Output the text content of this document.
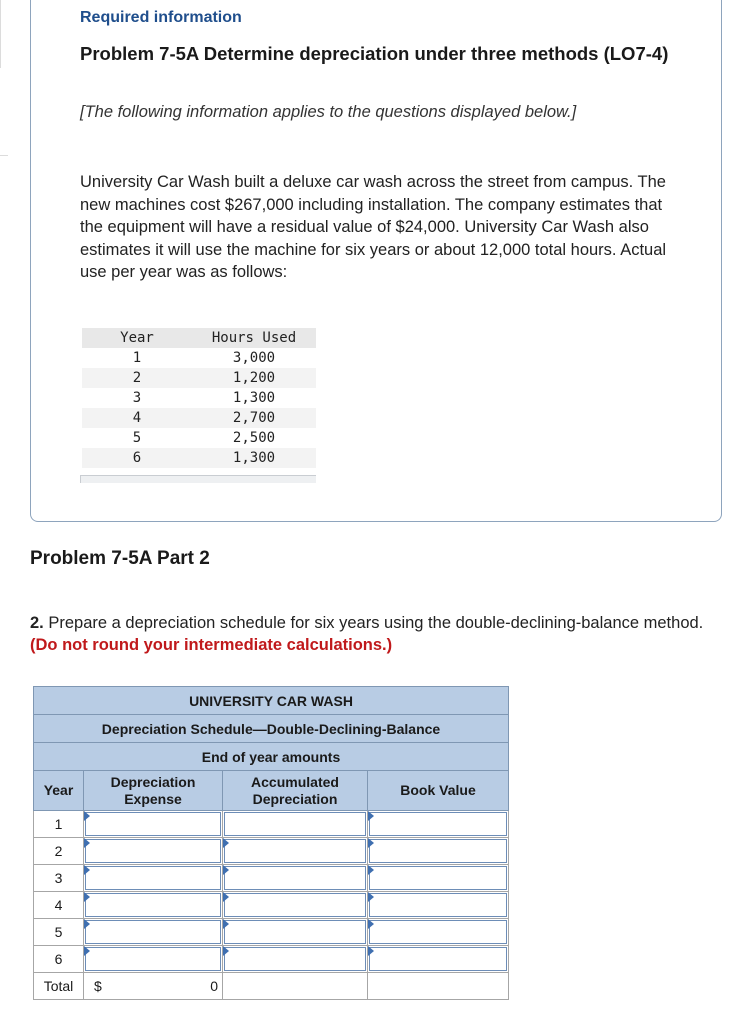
Required information
Problem 7-5A Determine depreciation under three methods (LO7-4)
[The following information applies to the questions displayed below.]
University Car Wash built a deluxe car wash across the street from campus. The new machines cost $267,000 including installation. The company estimates that the equipment will have a residual value of $24,000. University Car Wash also estimates it will use the machine for six years or about 12,000 total hours. Actual use per year was as follows:
Year	Hours Used
1	3,000
2	1,200
3	1,300
4	2,700
5	2,500
6	1,300
Problem 7-5A Part 2
2. Prepare a depreciation schedule for six years using the double-declining-balance method. (Do not round your intermediate calculations.)
UNIVERSITY CAR WASH			
Depreciation Schedule—Double-Declining-Balance			
End of year amounts			
Year	Depreciation Expense	Accumulated Depreciation	Book Value
1	

2	

3	

4	

5	

6	

Total	$ 0		
